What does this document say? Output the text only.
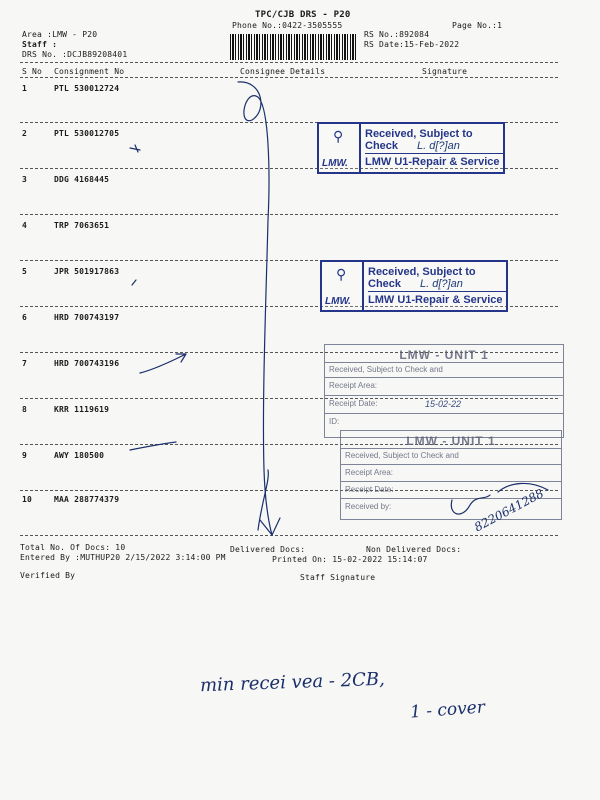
TPC/CJB DRS - P20
Phone No.:0422-3505555	Page No.:1
Area :LMW - P20
Staff :
DRS No. :DCJB89208401
RS No.:892084
RS Date:15-Feb-2022
S No Consignment No	Consignee Details	Signature
1	PTL 530012724
2	PTL 530012705
3	DDG 4168445
4	TRP 7063651
5	JPR 501917863
6	HRD 700743197
7	HRD 700743196
8	KRR 1119619
9	AWY 180500
10	MAA 288774379
Total No. Of Docs: 10	Delivered Docs:	Non Delivered Docs:
Entered By :MUTHUP20 2/15/2022 3:14:00 PM	Printed On: 15-02-2022 15:14:07
Verified By	Staff Signature
⚲
LMW.
Received, Subject to Check	L. d[?]an
LMW U1-Repair & Service
⚲
LMW.
Received, Subject to Check	L. d[?]an
LMW U1-Repair & Service
LMW - UNIT 1
Received, Subject to Check and
Receipt Area:
Receipt Date:	15-02-22
ID:
LMW - UNIT 1
Received, Subject to Check and
Receipt Area:
Receipt Date:
Received by:	8220641288
min recei vea - 2CB,
1 - cover
